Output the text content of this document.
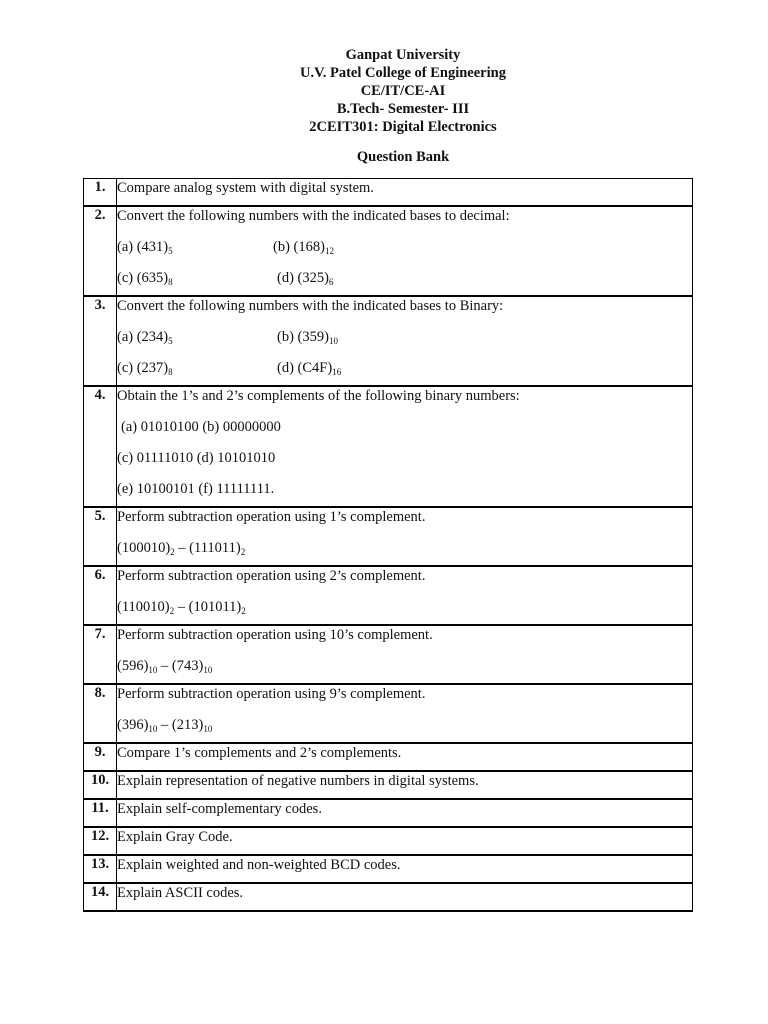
Ganpat University
U.V. Patel College of Engineering
CE/IT/CE-AI
B.Tech- Semester- III
2CEIT301: Digital Electronics
Question Bank
1.	Compare analog system with digital system.

2.	Convert the following numbers with the indicated bases to decimal:
(a) $(431)_5$ (b) $(168)_{12}$
(c) $(635)_8$ (d) $(325)_6$

3.	Convert the following numbers with the indicated bases to Binary:
(a) $(234)_5$ (b) $(359)_{10}$
(c) $(237)_8$ (d) $(C4F)_{16}$

4.	Obtain the 1’s and 2’s complements of the following binary numbers:
(a) 01010100 (b) 00000000
(c) 01111010 (d) 10101010
(e) 10100101 (f) 11111111.

5.	Perform subtraction operation using 1’s complement.
$(100010)_2 - (111011)_2$

6.	Perform subtraction operation using 2’s complement.
$(110010)_2 - (101011)_2$

7.	Perform subtraction operation using 10’s complement.
$(596)_{10} - (743)_{10}$

8.	Perform subtraction operation using 9’s complement.
$(396)_{10} - (213)_{10}$

9.	Compare 1’s complements and 2’s complements.

10.	Explain representation of negative numbers in digital systems.

11.	Explain self-complementary codes.

12.	Explain Gray Code.

13.	Explain weighted and non-weighted BCD codes.

14.	Explain ASCII codes.
